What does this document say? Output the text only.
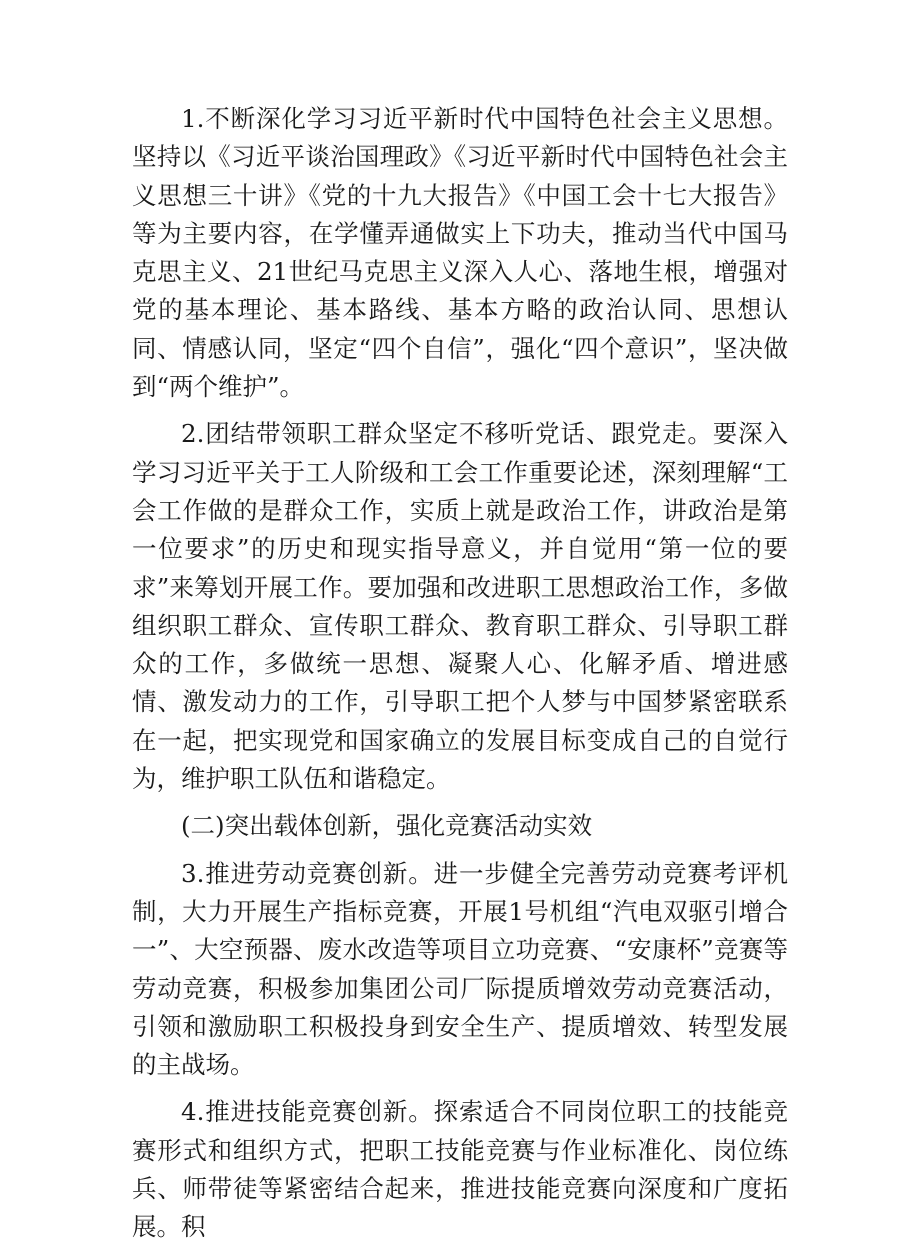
1.不断深化学习习近平新时代中国特色社会主义思想。坚持以《习近平谈治国理政》《习近平新时代中国特色社会主义思想三十讲》《党的十九大报告》《中国工会十七大报告》等为主要内容，在学懂弄通做实上下功夫，推动当代中国马克思主义、21世纪马克思主义深入人心、落地生根，增强对党的基本理论、基本路线、基本方略的政治认同、思想认同、情感认同，坚定“四个自信”，强化“四个意识”，坚决做到“两个维护”。

2.团结带领职工群众坚定不移听党话、跟党走。要深入学习习近平关于工人阶级和工会工作重要论述，深刻理解“工会工作做的是群众工作，实质上就是政治工作，讲政治是第一位要求”的历史和现实指导意义，并自觉用“第一位的要求”来筹划开展工作。要加强和改进职工思想政治工作，多做组织职工群众、宣传职工群众、教育职工群众、引导职工群众的工作，多做统一思想、凝聚人心、化解矛盾、增进感情、激发动力的工作，引导职工把个人梦与中国梦紧密联系在一起，把实现党和国家确立的发展目标变成自己的自觉行为，维护职工队伍和谐稳定。

(二)突出载体创新，强化竞赛活动实效

3.推进劳动竞赛创新。进一步健全完善劳动竞赛考评机制，大力开展生产指标竞赛，开展1号机组“汽电双驱引增合一”、大空预器、废水改造等项目立功竞赛、“安康杯”竞赛等劳动竞赛，积极参加集团公司厂际提质增效劳动竞赛活动，引领和激励职工积极投身到安全生产、提质增效、转型发展的主战场。

4.推进技能竞赛创新。探索适合不同岗位职工的技能竞赛形式和组织方式，把职工技能竞赛与作业标准化、岗位练兵、师带徒等紧密结合起来，推进技能竞赛向深度和广度拓展。积
